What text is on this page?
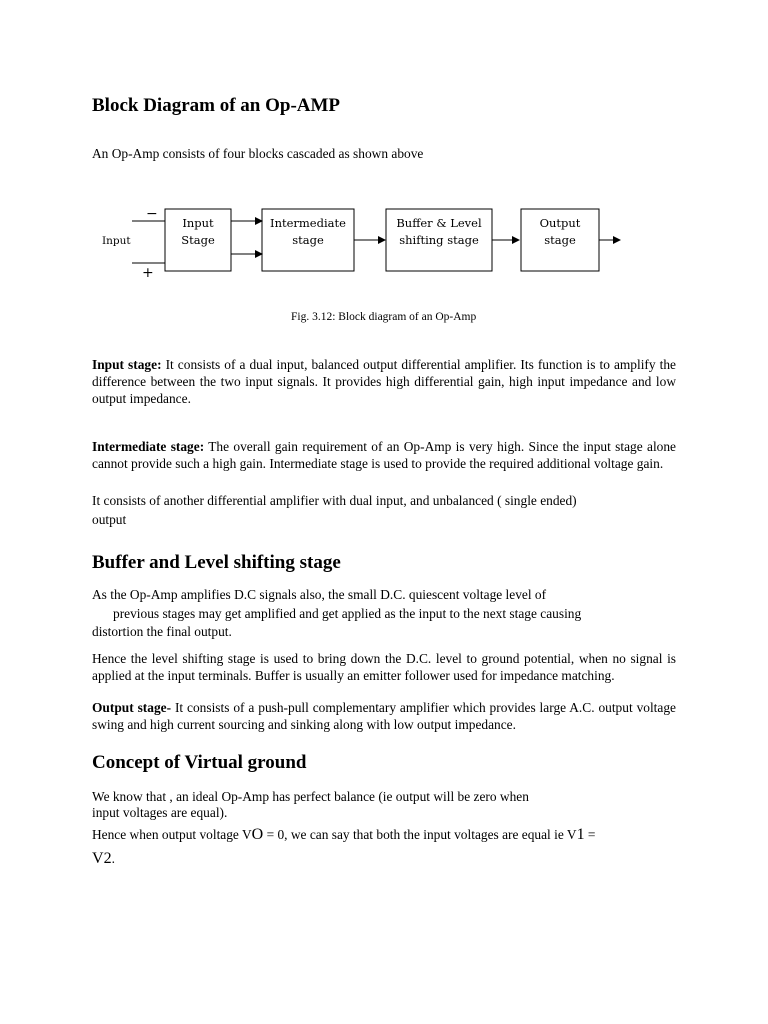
Block Diagram of an Op-AMP

An Op-Amp consists of four blocks cascaded as shown above

Input
−
+
Input
Stage
Intermediate
stage
Buffer & Level
shifting stage
Output
stage

Fig. 3.12: Block diagram of an Op-Amp

Input stage: It consists of a dual input, balanced output differential amplifier. Its function is to amplify the difference between the two input signals. It provides high differential gain, high input impedance and low output impedance.

Intermediate stage: The overall gain requirement of an Op-Amp is very high. Since the input stage alone cannot provide such a high gain. Intermediate stage is used to provide the required additional voltage gain.

It consists of another differential amplifier with dual input, and unbalanced ( single ended)

output

Buffer and Level shifting stage

As the Op-Amp amplifies D.C signals also, the small D.C. quiescent voltage level of

previous stages may get amplified and get applied as the input to the next stage causing

distortion the final output.

Hence the level shifting stage is used to bring down the D.C. level to ground potential, when no signal is applied at the input terminals. Buffer is usually an emitter follower used for impedance matching.

Output stage- It consists of a push-pull complementary amplifier which provides large A.C. output voltage swing and high current sourcing and sinking along with low output impedance.

Concept of Virtual ground

We know that , an ideal Op-Amp has perfect balance (ie output will be zero when

input voltages are equal).

Hence when output voltage VO = 0, we can say that both the input voltages are equal ie V1 =

V2.
